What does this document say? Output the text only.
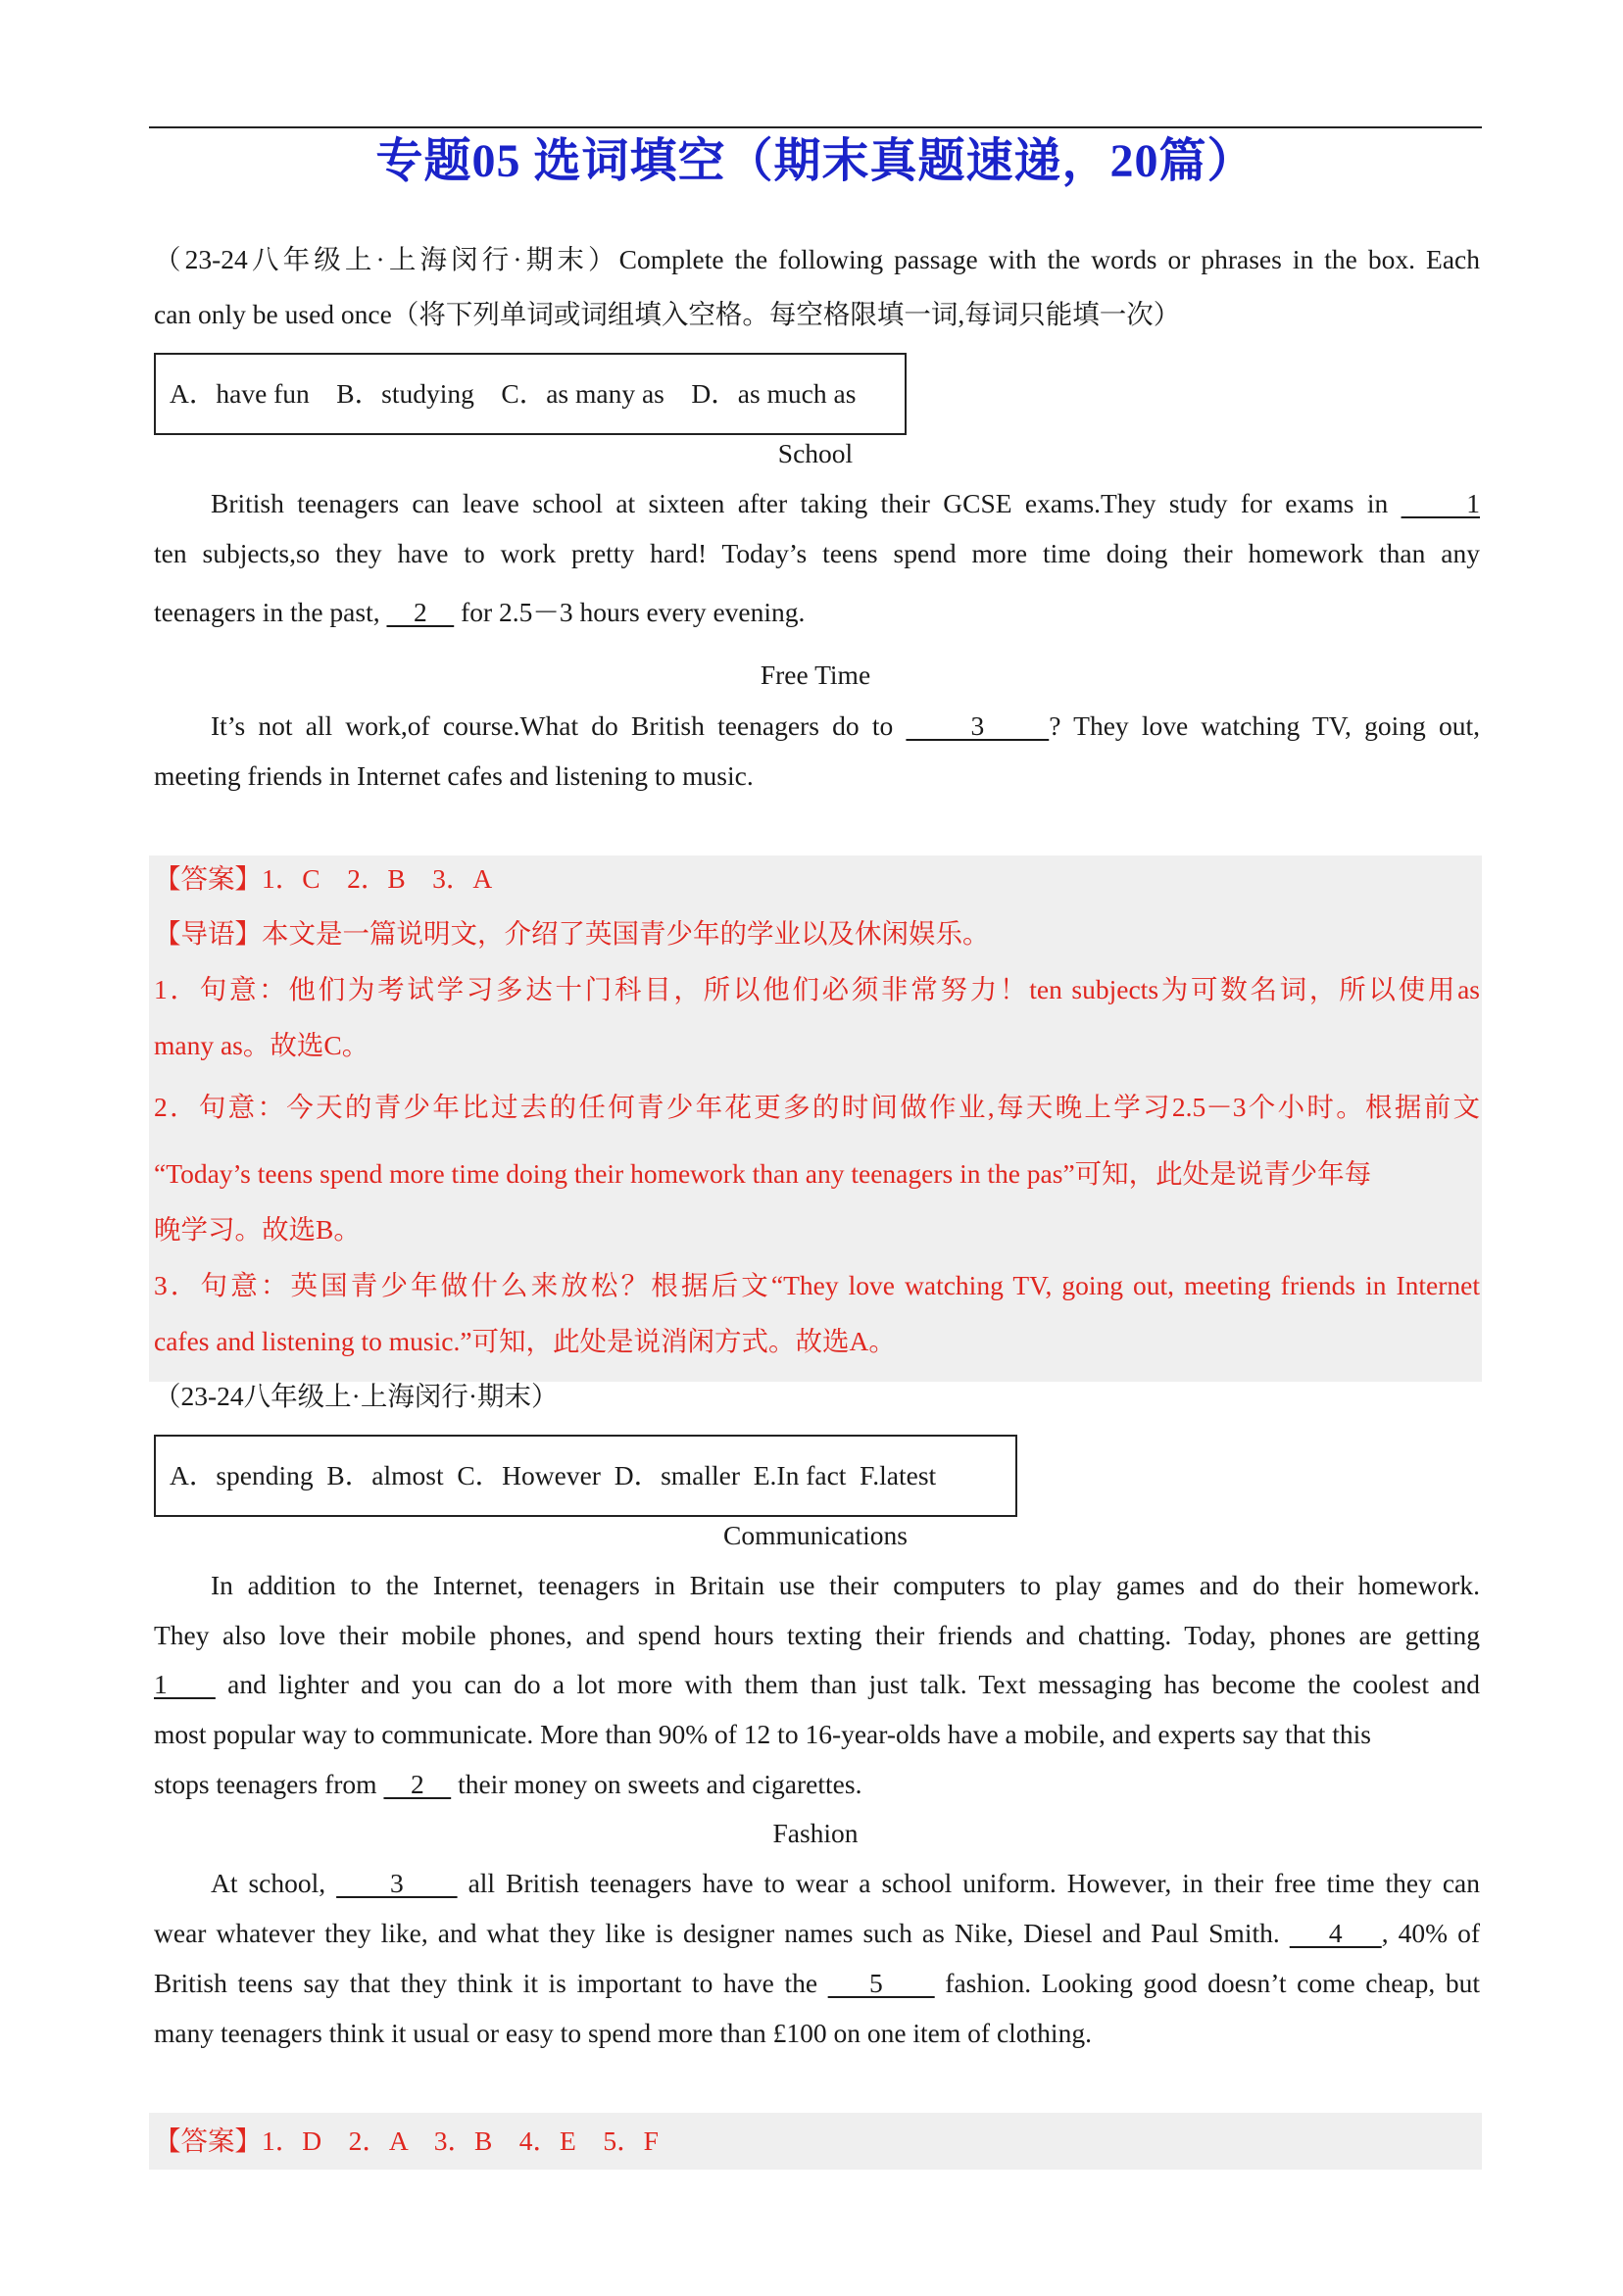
专题05 选词填空（期末真题速递，20篇）
（23-24八年级上·上海闵行·期末）Complete the following passage with the words or phrases in the box. Each
can only be used once（将下列单词或词组填入空格。每空格限填一词,每词只能填一次）
A．have fun    B．studying    C．as many as    D．as much as
School
British teenagers can leave school at sixteen after taking their GCSE exams.They study for exams in      1
ten subjects,so they have to work pretty hard! Today’s teens spend more time doing their homework than any
teenagers in the past,     2     for 2.5－3 hours every evening.
Free Time
It’s not all work,of course.What do British teenagers do to      3     ? They love watching TV, going out,
meeting friends in Internet cafes and listening to music.
【答案】1．C    2．B    3．A
【导语】本文是一篇说明文，介绍了英国青少年的学业以及休闲娱乐。
1．句意：他们为考试学习多达十门科目，所以他们必须非常努力！ten subjects为可数名词，所以使用as
many as。故选C。
2．句意：今天的青少年比过去的任何青少年花更多的时间做作业,每天晚上学习2.5－3个小时。根据前文
“Today’s teens spend more time doing their homework than any teenagers in the pas”可知，此处是说青少年每
晚学习。故选B。
3．句意：英国青少年做什么来放松？根据后文“They love watching TV, going out, meeting friends in Internet
cafes and listening to music.”可知，此处是说消闲方式。故选A。
（23-24八年级上·上海闵行·期末）
A．spending  B．almost  C．However  D．smaller  E.In fact  F.latest
Communications
In addition to the Internet, teenagers in Britain use their computers to play games and do their homework.
They also love their mobile phones, and spend hours texting their friends and chatting. Today, phones are getting
1     and lighter and you can do a lot more with them than just talk. Text messaging has become the coolest and
most popular way to communicate. More than 90% of 12 to 16-year-olds have a mobile, and experts say that this
stops teenagers from     2     their money on sweets and cigarettes.
Fashion
At school,      3      all British teenagers have to wear a school uniform. However, in their free time they can
wear whatever they like, and what they like is designer names such as Nike, Diesel and Paul Smith.     4    , 40% of
British teens say that they think it is important to have the     5      fashion. Looking good doesn’t come cheap, but
many teenagers think it usual or easy to spend more than £100 on one item of clothing.
【答案】1．D    2．A    3．B    4．E    5．F
